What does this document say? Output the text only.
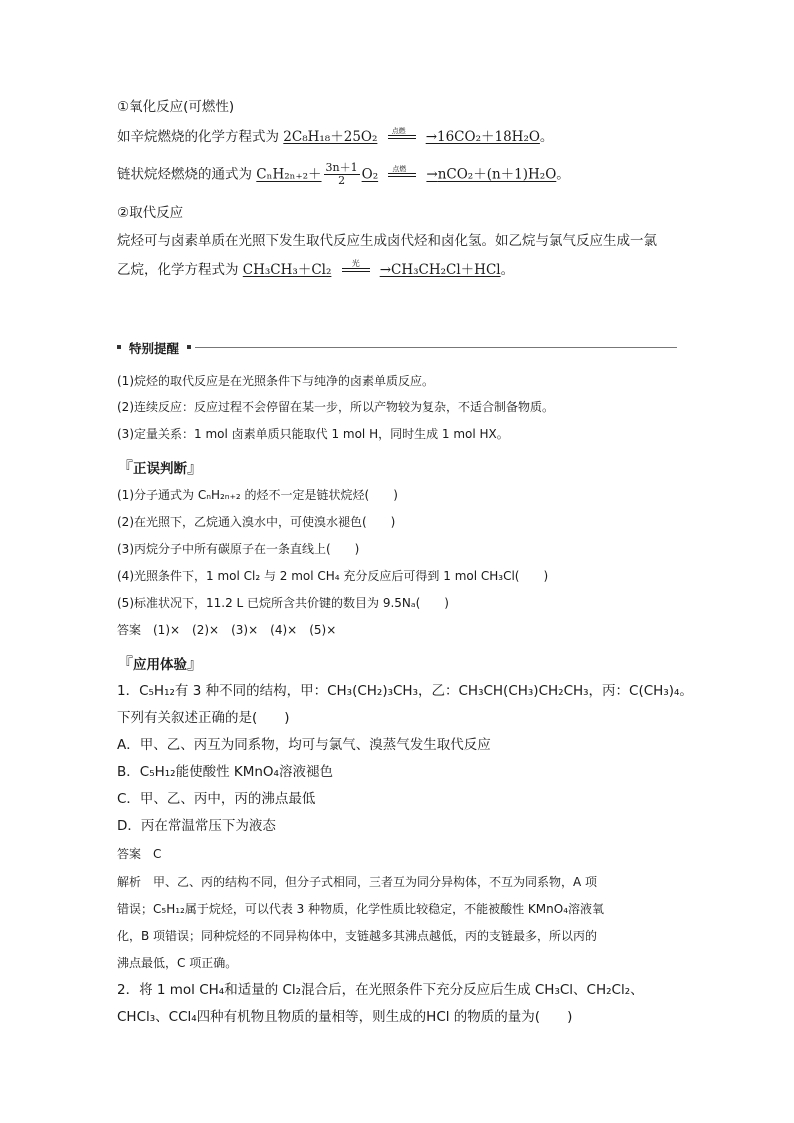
①氧化反应(可燃性)
如辛烷燃烧的化学方程式为 2C₈H₁₈＋25O₂ 点燃 →16CO₂＋18H₂O。
链状烷烃燃烧的通式为 $C_nH_{2n+2}+ \frac{3n+1}{2} O_2$ 点燃 →nCO₂＋(n＋1)H₂O。
②取代反应
烷烃可与卤素单质在光照下发生取代反应生成卤代烃和卤化氢。如乙烷与氯气反应生成一氯
乙烷，化学方程式为 CH₃CH₃＋Cl₂	光 →CH₃CH₂Cl＋HCl。
特别提醒
(1)烷烃的取代反应是在光照条件下与纯净的卤素单质反应。
(2)连续反应：反应过程不会停留在某一步，所以产物较为复杂，不适合制备物质。
(3)定量关系：1 mol 卤素单质只能取代 1 mol H，同时生成 1 mol HX。
『正误判断』
(1)分子通式为 CₙH₂ₙ₊₂ 的烃不一定是链状烷烃(　　)
(2)在光照下，乙烷通入溴水中，可使溴水褪色(　　)
(3)丙烷分子中所有碳原子在一条直线上(　　)
(4)光照条件下，1 mol Cl₂ 与 2 mol CH₄ 充分反应后可得到 1 mol CH₃Cl(　　)
(5)标准状况下，11.2 L 已烷所含共价键的数目为 9.5Nₐ(　　)
答案　(1)×　(2)×　(3)×　(4)×　(5)×
『应用体验』
1．C₅H₁₂有 3 种不同的结构，甲：CH₃(CH₂)₃CH₃，乙：CH₃CH(CH₃)CH₂CH₃，丙：C(CH₃)₄。
下列有关叙述正确的是(　　)
A．甲、乙、丙互为同系物，均可与氯气、溴蒸气发生取代反应
B．C₅H₁₂能使酸性 KMnO₄溶液褪色
C．甲、乙、丙中，丙的沸点最低
D．丙在常温常压下为液态
答案　C
解析　甲、乙、丙的结构不同，但分子式相同，三者互为同分异构体，不互为同系物，A 项
错误；C₅H₁₂属于烷烃，可以代表 3 种物质，化学性质比较稳定，不能被酸性 KMnO₄溶液氧
化，B 项错误；同种烷烃的不同异构体中，支链越多其沸点越低，丙的支链最多，所以丙的
沸点最低，C 项正确。
2．将 1 mol CH₄和适量的 Cl₂混合后，在光照条件下充分反应后生成 CH₃Cl、CH₂Cl₂、
CHCl₃、CCl₄四种有机物且物质的量相等，则生成的HCl 的物质的量为(　　)
